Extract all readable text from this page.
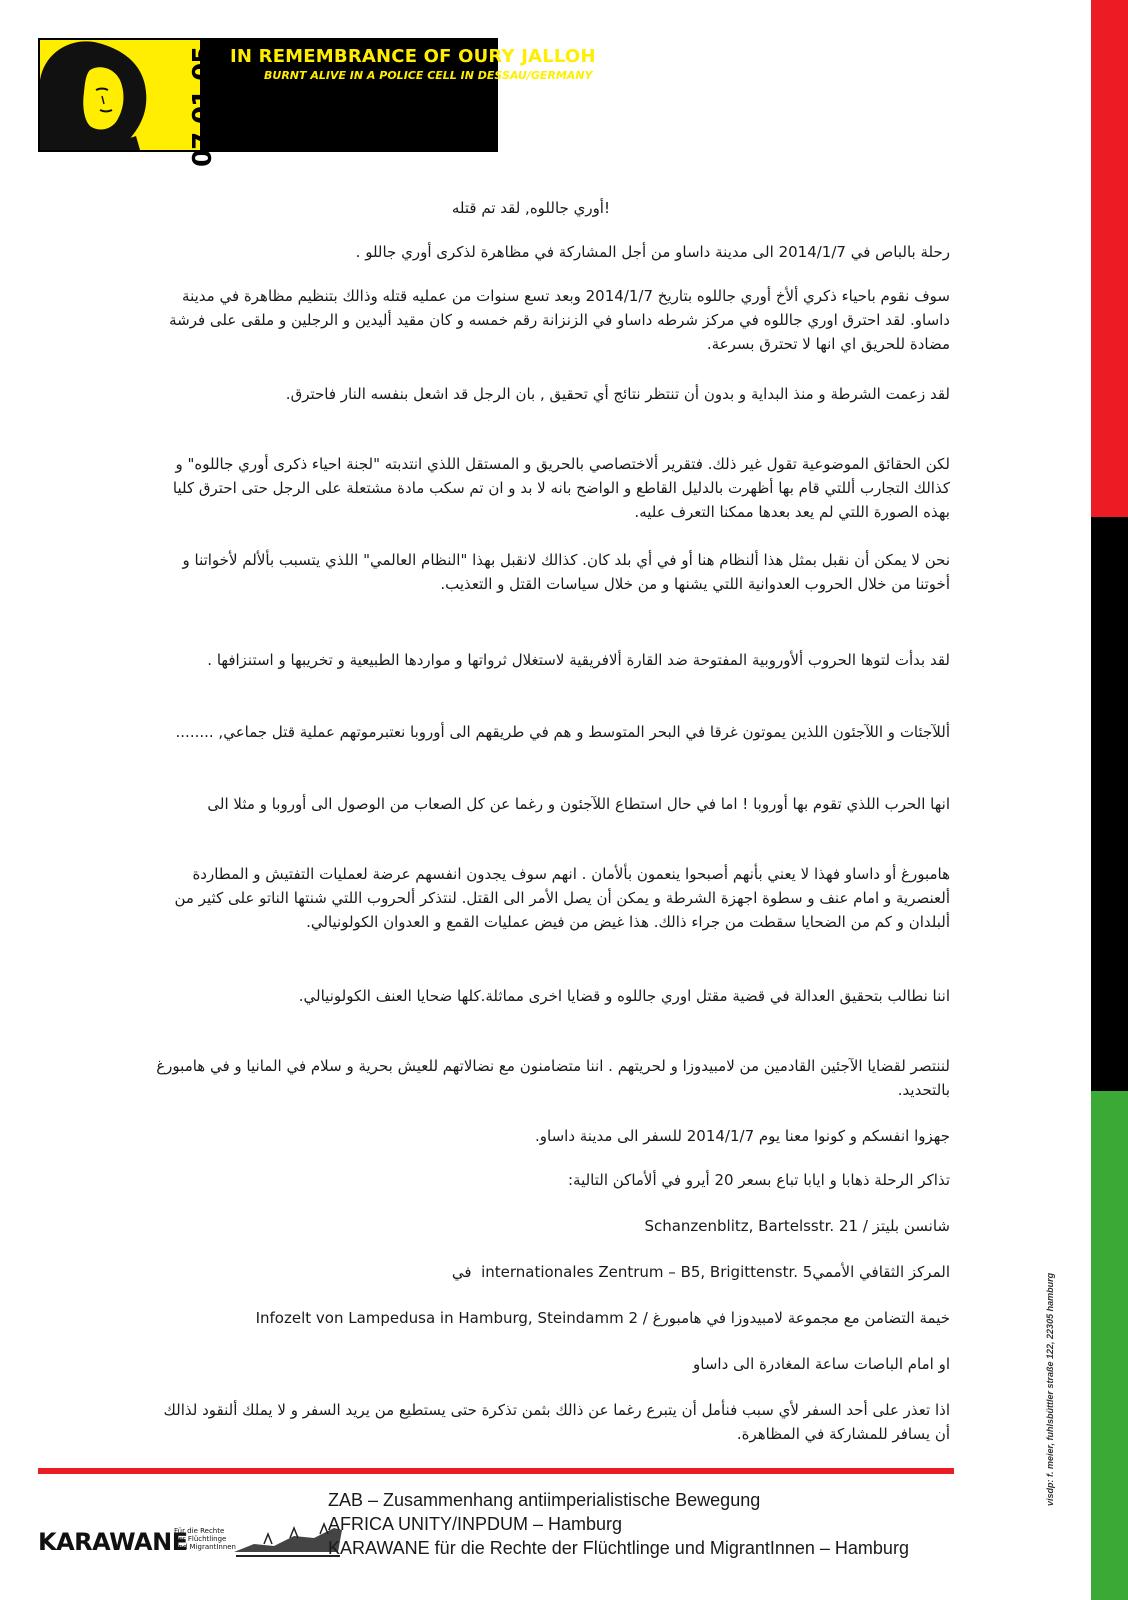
07.01.05 IN REMEMBRANCE OF OURY JALLOH
BURNT ALIVE IN A POLICE CELL IN DESSAU/GERMANY

!أوري جاللوه, لقد تم قتله

رحلة بالباص في 2014/1/7 الى مدينة داساو من أجل المشاركة في مظاهرة لذكرى أوري جاللو .

سوف نقوم باحياء ذكري ألأخ أوري جاللوه بتاريخ 2014/1/7 وبعد تسع سنوات من عمليه قتله وذالك بتنظيم مظاهرة في مدينة داساو. لقد احترق اوري جاللوه في مركز شرطه داساو في الزنزانة رقم خمسه و كان مقيد أليدين و الرجلين و ملقى على فرشة مضادة للحريق اي انها لا تحترق بسرعة.

لقد زعمت الشرطة و منذ البداية و بدون أن تنتظر نتائج أي تحقيق , بان الرجل قد اشعل بنفسه النار فاحترق.

لكن الحقائق الموضوعية تقول غير ذلك. فتقرير ألاختصاصي بالحريق و المستقل اللذي انتدبته "لجنة احياء ذكرى أوري جاللوه" و كذالك التجارب أللتي قام بها أظهرت بالدليل القاطع و الواضح بانه لا بد و ان تم سكب مادة مشتعلة على الرجل حتى احترق كليا بهذه الصورة اللتي لم يعد بعدها ممكنا التعرف عليه.

نحن لا يمكن أن نقبل بمثل هذا ألنظام هنا أو في أي بلد كان. كذالك لانقبل بهذا "النظام العالمي" اللذي يتسبب بألألم لأخواتنا و أخوتنا من خلال الحروب العدوانية اللتي يشنها و من خلال سياسات القتل و التعذيب.

لقد بدأت لتوها الحروب ألأوروبية المفتوحة ضد القارة ألافريقية لاستغلال ثرواتها و مواردها الطبيعية و تخريبها و استنزافها .

أللآجئات و اللآجئون اللذين يموتون غرقا في البحر المتوسط و هم في طريقهم الى أوروبا نعتبرموتهم عملية قتل جماعي, ........

انها الحرب اللذي تقوم بها أوروبا ! اما في حال استطاع اللآجئون و رغما عن كل الصعاب من الوصول الى أوروبا و مثلا الى

هامبورغ أو داساو فهذا لا يعني بأنهم أصبحوا ينعمون بألأمان . انهم سوف يجدون انفسهم عرضة لعمليات التفتيش و المطاردة ألعنصرية و امام عنف و سطوة اجهزة الشرطة و يمكن أن يصل الأمر الى القتل. لنتذكر ألحروب اللتي شنتها الناتو على كثير من ألبلدان و كم من الضحايا سقطت من جراء ذالك. هذا غيض من فيض عمليات القمع و العدوان الكولونيالي.

اننا نطالب بتحقيق العدالة في قضية مقتل اوري جاللوه و قضايا اخرى مماثلة.كلها ضحايا العنف الكولونيالي.

لننتصر لقضايا الآجئين القادمين من لامبيدوزا و لحريتهم . اننا متضامنون مع نضالاتهم للعيش بحرية و سلام في المانيا و في هامبورغ بالتحديد.

جهزوا انفسكم و كونوا معنا يوم 2014/1/7 للسفر الى مدينة داساو.

تذاكر الرحلة ذهابا و ايابا تباع بسعر 20 أيرو في ألأماكن التالية:

شانسن بليتز / Schanzenblitz, Bartelsstr. 21

المركز الثقافي الأمميinternationales Zentrum – B5, Brigittenstr. 5  في

خيمة التضامن مع مجموعة لامبيدوزا في هامبورغ / Infozelt von Lampedusa in Hamburg, Steindamm 2

او امام الباصات ساعة المغادرة الى داساو

اذا تعذر على أحد السفر لأي سبب فنأمل أن يتبرع رغما عن ذالك بثمن تذكرة حتى يستطيع من يريد السفر و لا يملك ألنقود لذالك أن يسافر للمشاركة في المظاهرة.

KARAWANE
Für die Rechte
der Flüchtlinge
und MigrantInnen
ZAB – Zusammenhang antiimperialistische Bewegung
AFRICA UNITY/INPDUM – Hamburg
KARAWANE für die Rechte der Flüchtlinge und MigrantInnen – Hamburg
visdp: f. meier, fuhlsbüttler straße 122, 22305 hamburg
